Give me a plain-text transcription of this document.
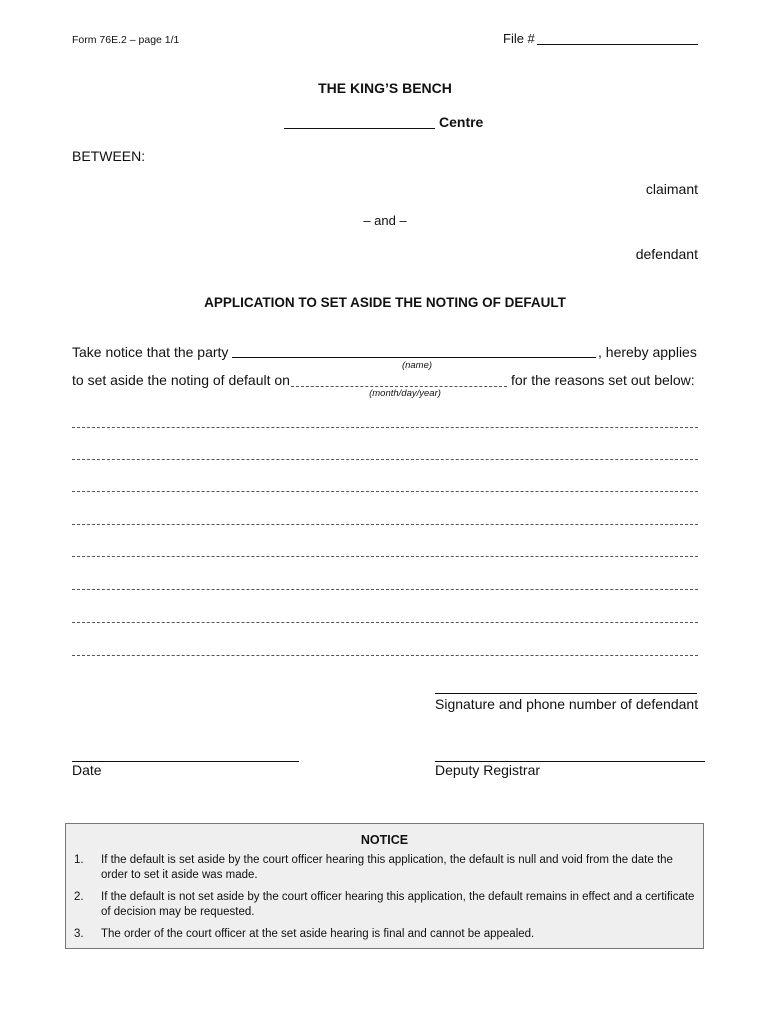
Form 76E.2 – page 1/1	File #
THE KING’S BENCH
Centre
BETWEEN:
claimant
– and –
defendant
APPLICATION TO SET ASIDE THE NOTING OF DEFAULT
Take notice that the party	, hereby applies
(name)
to set aside the noting of default on	for the reasons set out below:
(month/day/year)
Signature and phone number of defendant
Date	Deputy Registrar
NOTICE
1. If the default is set aside by the court officer hearing this application, the default is null and void from the date the order to set it aside was made.
2. If the default is not set aside by the court officer hearing this application, the default remains in effect and a certificate of decision may be requested.
3. The order of the court officer at the set aside hearing is final and cannot be appealed.
